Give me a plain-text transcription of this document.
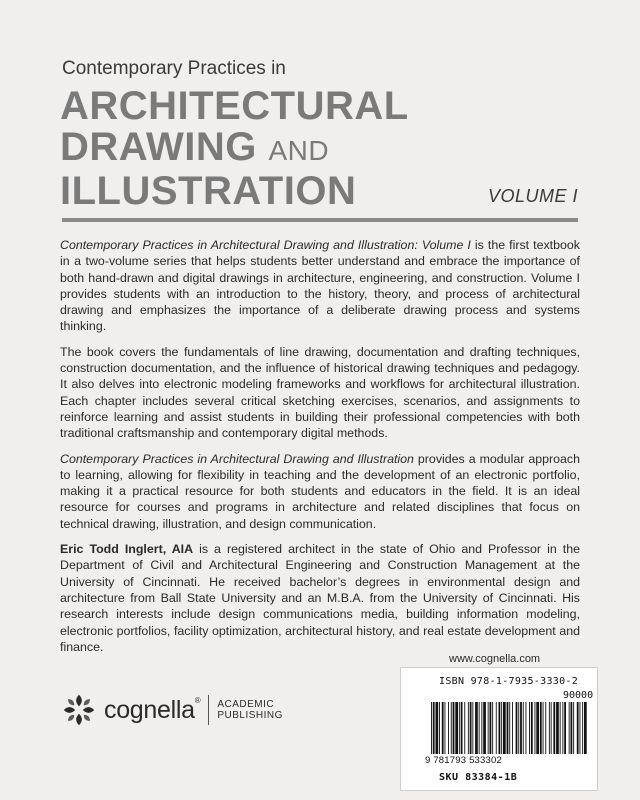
Contemporary Practices in
ARCHITECTURAL
DRAWING AND
ILLUSTRATION	VOLUME I

Contemporary Practices in Architectural Drawing and Illustration: Volume I is the first textbook in a two-volume series that helps students better understand and embrace the importance of both hand-drawn and digital drawings in architecture, engineering, and construction. Volume I provides students with an introduction to the history, theory, and process of architectural drawing and emphasizes the importance of a deliberate drawing process and systems thinking.

The book covers the fundamentals of line drawing, documentation and drafting techniques, construction documentation, and the influence of historical drawing techniques and pedagogy. It also delves into electronic modeling frameworks and workflows for architectural illustration. Each chapter includes several critical sketching exercises, scenarios, and assignments to reinforce learning and assist students in building their professional competencies with both traditional craftsmanship and contemporary digital methods.

Contemporary Practices in Architectural Drawing and Illustration provides a modular approach to learning, allowing for flexibility in teaching and the development of an electronic portfolio, making it a practical resource for both students and educators in the field. It is an ideal resource for courses and programs in architecture and related disciplines that focus on technical drawing, illustration, and design communication.

Eric Todd Inglert, AIA is a registered architect in the state of Ohio and Professor in the Department of Civil and Architectural Engineering and Construction Management at the University of Cincinnati. He received bachelor’s degrees in environmental design and architecture from Ball State University and an M.B.A. from the University of Cincinnati. His research interests include design communications media, building information modeling, electronic portfolios, facility optimization, architectural history, and real estate development and finance.

www.cognella.com
cognella® ACADEMIC
PUBLISHING
ISBN 978-1-7935-3330-2
90000
9 781793 533302
SKU 83384-1B
